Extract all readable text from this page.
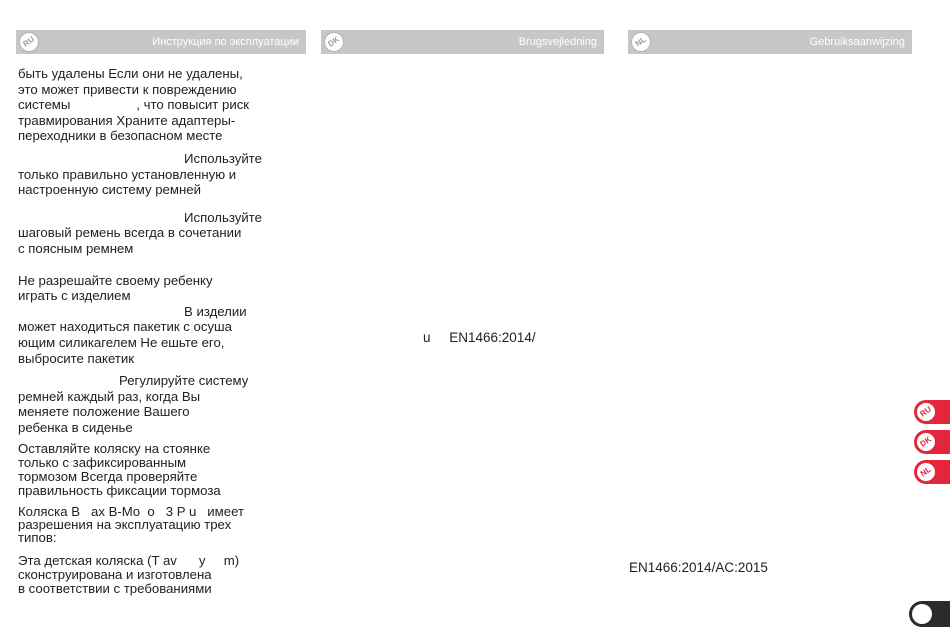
RU	Инструкция по эксплуатации	DK	Brugsvejledning	NL	Gebruiksaanwijzing

быть удалены Если они не удалены,
это может привести к повреждению
системы                  , что повысит риск
травмирования Храните адаптеры-
переходники в безопасном месте

Используйте
только правильно установленную и
настроенную систему ремней

Используйте
шаговый ремень всегда в сочетании
с поясным ремнем

Не разрешайте своему ребенку
играть с изделием

В изделии
может находиться пакетик с осуша
ющим силикагелем Не ешьте его,
выбросите пакетик

Регулируйте систему
ремней каждый раз, когда Вы
меняете положение Вашего
ребенка в сиденье

Оставляйте коляску на стоянке
только с зафиксированным
тормозом Всегда проверяйте
правильность фиксации тормоза

Коляска В   ax B-Mo  o   3 P u   имеет
разрешения на эксплуатацию трех
типов:

Эта детская коляска (T av      y     m)
сконструирована и изготовлена
в соответствии с требованиями

u     EN1466:2014/
EN1466:2014/AC:2015
RU
DK
NL
